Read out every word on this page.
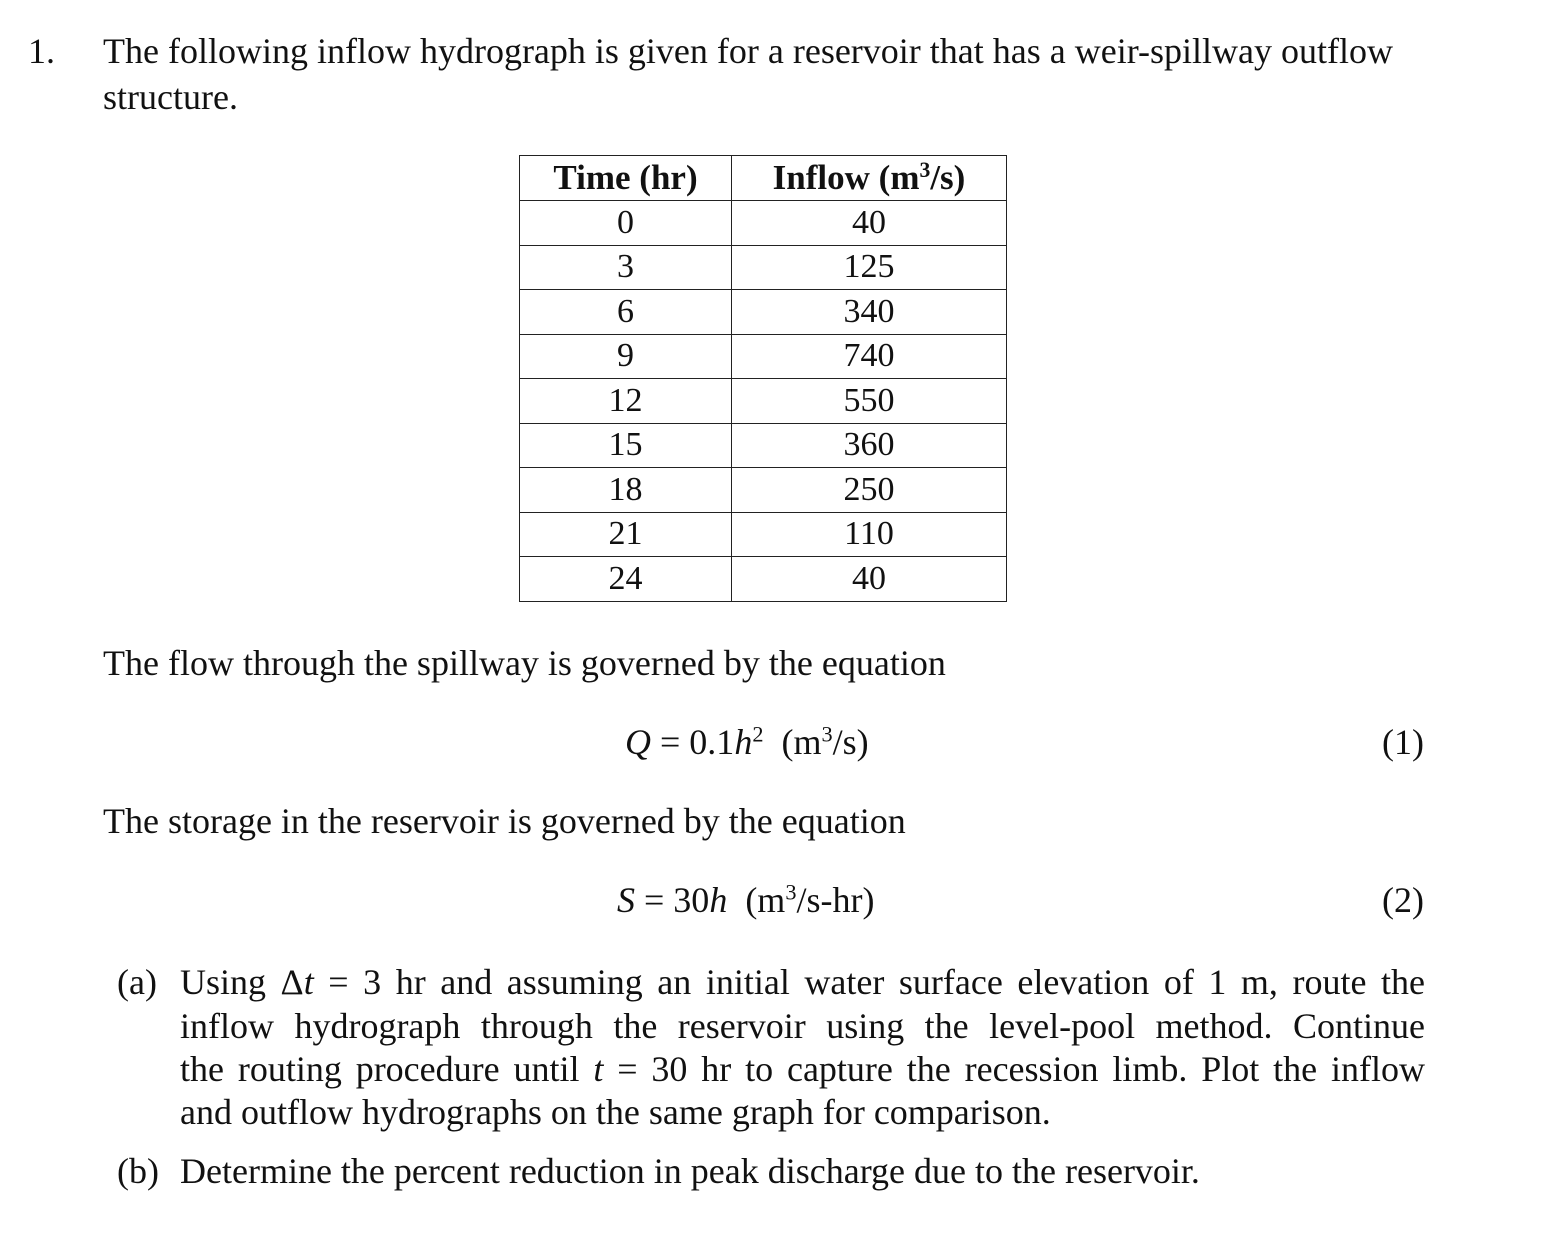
1. The following inflow hydrograph is given for a reservoir that has a weir-spillway outflow
structure.
Time (hr)	Inflow $(m^3/s)$
0	40
3	125
6	340
9	740
12	550
15	360
18	250
21	110
24	40
The flow through the spillway is governed by the equation
$Q = 0.1h^2$  $(m^3/s)$	(1)
The storage in the reservoir is governed by the equation
S = 30h  $(m^3/s-hr)$	(2)
(a) Using Δt = 3 hr and assuming an initial water surface elevation of 1 m, route the
inflow hydrograph through the reservoir using the level-pool method. Continue
the routing procedure until t = 30 hr to capture the recession limb. Plot the inflow
and outflow hydrographs on the same graph for comparison.
(b) Determine the percent reduction in peak discharge due to the reservoir.
